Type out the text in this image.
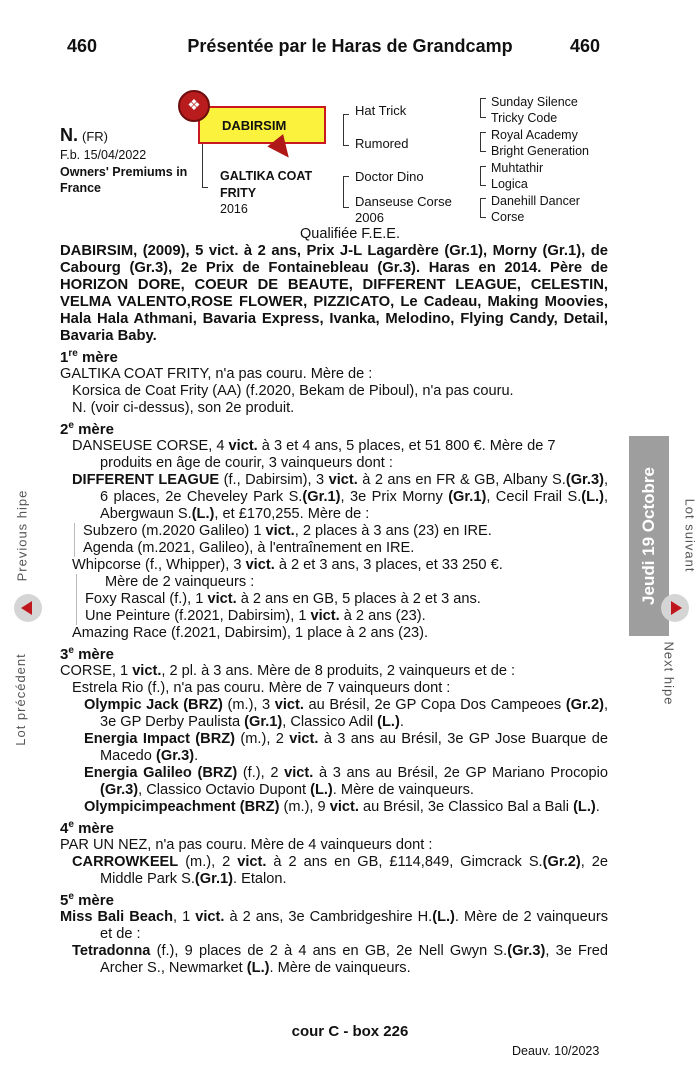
460	Présentée par le Haras de Grandcamp	460
N. (FR)
F.b. 15/04/2022
Owners' Premiums in France
DABIRSIM
❖
GALTIKA COAT
FRITY
2016
Hat Trick
Rumored
Doctor Dino
Danseuse Corse
2006
Sunday Silence
Tricky Code
Royal Academy
Bright Generation
Muhtathir
Logica
Danehill Dancer
Corse
Qualifiée F.E.E.

DABIRSIM, (2009), 5 vict. à 2 ans, Prix J-L Lagardère (Gr.1), Morny (Gr.1), de Cabourg (Gr.3), 2e Prix de Fontainebleau (Gr.3). Haras en 2014. Père de HORIZON DORE, COEUR DE BEAUTE, DIFFERENT LEAGUE, CELESTIN, VELMA VALENTO,ROSE FLOWER, PIZZICATO, Le Cadeau, Making Moovies, Hala Hala Athmani, Bavaria Express, Ivanka, Melodino, Flying Candy, Detail, Bavaria Baby.

1re mère

GALTIKA COAT FRITY, n'a pas couru. Mère de :

Korsica de Coat Frity (AA) (f.2020, Bekam de Piboul), n'a pas couru.

N. (voir ci-dessus), son 2e produit.

2e mère

DANSEUSE CORSE, 4 vict. à 3 et 4 ans, 5 places, et 51 800 €. Mère de 7 produits en âge de courir, 3 vainqueurs dont :

DIFFERENT LEAGUE (f., Dabirsim), 3 vict. à 2 ans en FR & GB, Albany S.(Gr.3), 6 places, 2e Cheveley Park S.(Gr.1), 3e Prix Morny (Gr.1), Cecil Frail S.(L.), Abergwaun S.(L.), et £170,255. Mère de :

Subzero (m.2020 Galileo) 1 vict., 2 places à 3 ans (23) en IRE.

Agenda (m.2021, Galileo), à l'entraînement en IRE.

Whipcorse (f., Whipper), 3 vict. à 2 et 3 ans, 3 places, et 33 250 €.

Mère de 2 vainqueurs :

Foxy Rascal (f.), 1 vict. à 2 ans en GB, 5 places à 2 et 3 ans.

Une Peinture (f.2021, Dabirsim), 1 vict. à 2 ans (23).

Amazing Race (f.2021, Dabirsim), 1 place à 2 ans (23).

3e mère

CORSE, 1 vict., 2 pl. à 3 ans. Mère de 8 produits, 2 vainqueurs et de :

Estrela Rio (f.), n'a pas couru. Mère de 7 vainqueurs dont :

Olympic Jack (BRZ) (m.), 3 vict. au Brésil, 2e GP Copa Dos Campeoes (Gr.2), 3e GP Derby Paulista (Gr.1), Classico Adil (L.).

Energia Impact (BRZ) (m.), 2 vict. à 3 ans au Brésil, 3e GP Jose Buarque de Macedo (Gr.3).

Energia Galileo (BRZ) (f.), 2 vict. à 3 ans au Brésil, 2e GP Mariano Procopio (Gr.3), Classico Octavio Dupont (L.). Mère de vainqueurs.

Olympicimpeachment (BRZ) (m.), 9 vict. au Brésil, 3e Classico Bal a Bali (L.).

4e mère

PAR UN NEZ, n'a pas couru. Mère de 4 vainqueurs dont :

CARROWKEEL (m.), 2 vict. à 2 ans en GB, £114,849, Gimcrack S.(Gr.2), 2e Middle Park S.(Gr.1). Etalon.

5e mère

Miss Bali Beach, 1 vict. à 2 ans, 3e Cambridgeshire H.(L.). Mère de 2 vainqueurs et de :

Tetradonna (f.), 9 places de 2 à 4 ans en GB, 2e Nell Gwyn S.(Gr.3), 3e Fred Archer S., Newmarket (L.). Mère de vainqueurs.

cour C - box 226
Deauv. 10/2023
Previous hipe
Lot précédent
Jeudi 19 Octobre Lot suivant
Next hipe
